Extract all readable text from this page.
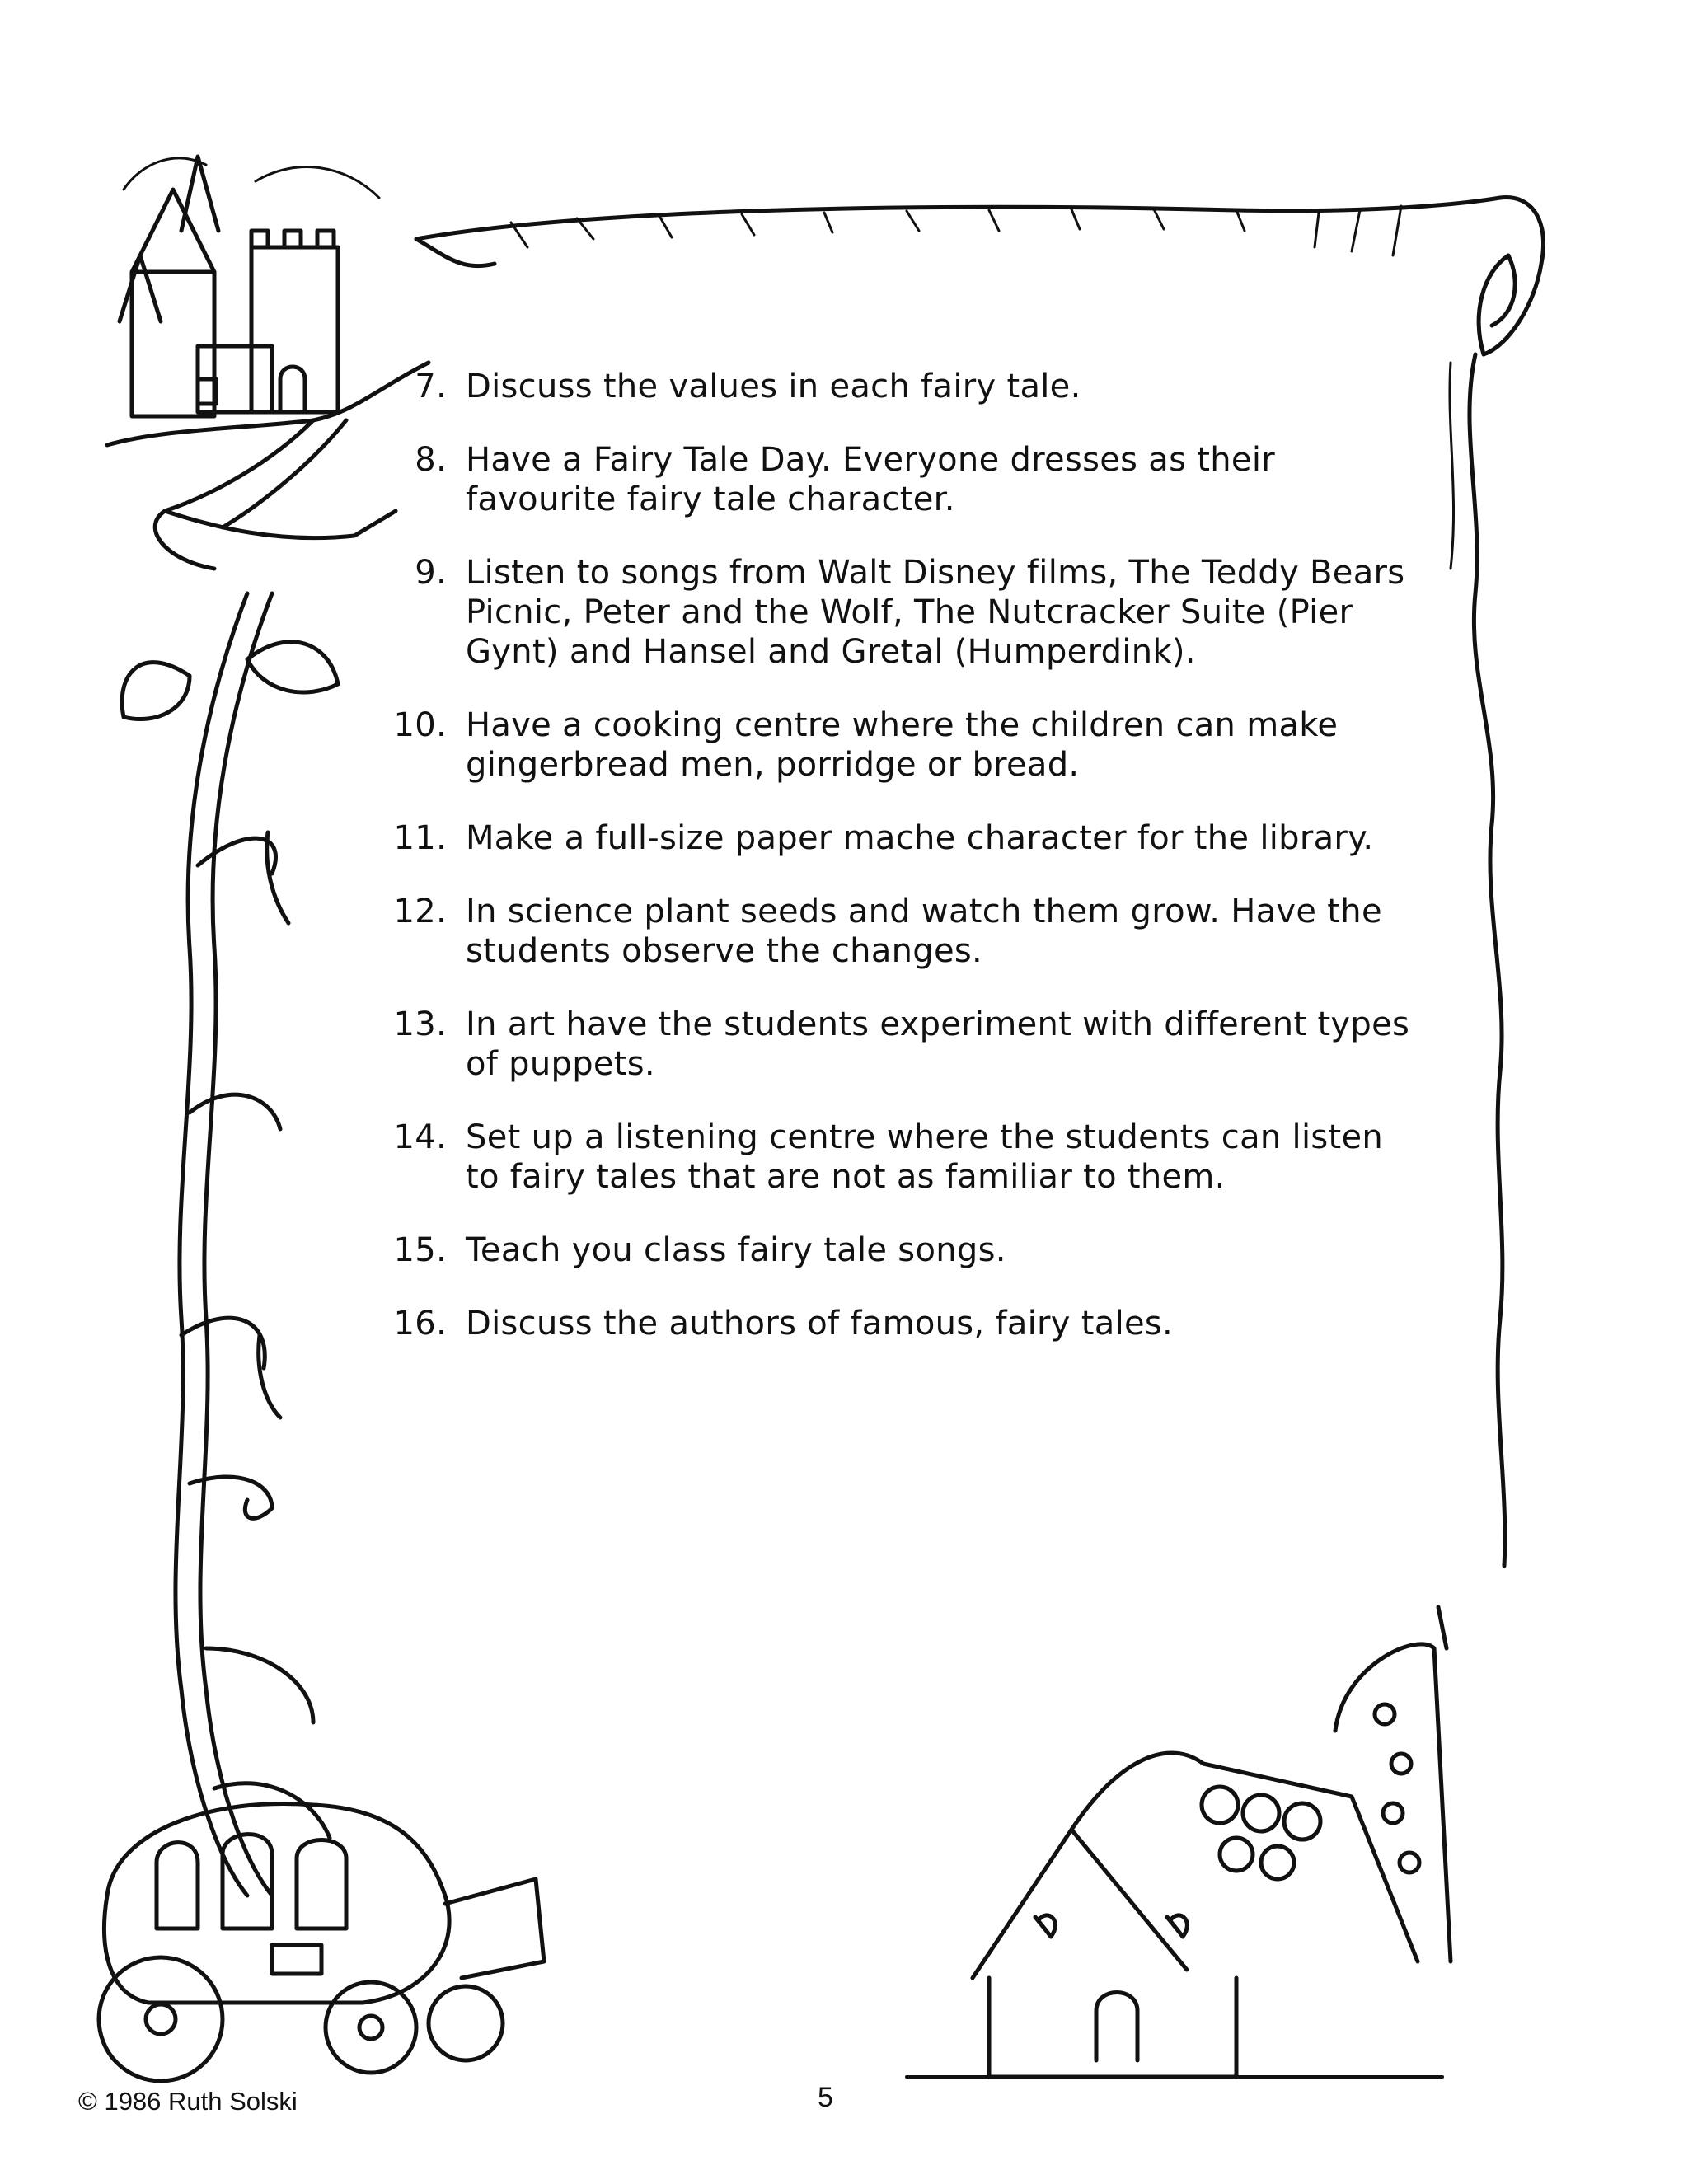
7. Discuss the values in each fairy tale.
8. Have a Fairy Tale Day. Everyone dresses as their favourite fairy tale character.
9. Listen to songs from Walt Disney films, The Teddy Bears Picnic, Peter and the Wolf, The Nutcracker Suite (Pier Gynt) and Hansel and Gretal (Humperdink).
10. Have a cooking centre where the children can make gingerbread men, porridge or bread.
11. Make a full-size paper mache character for the library.
12. In science plant seeds and watch them grow. Have the students observe the changes.
13. In art have the students experiment with different types of puppets.
14. Set up a listening centre where the students can listen to fairy tales that are not as familiar to them.
15. Teach you class fairy tale songs.
16. Discuss the authors of famous, fairy tales.
© 1986 Ruth Solski	5
